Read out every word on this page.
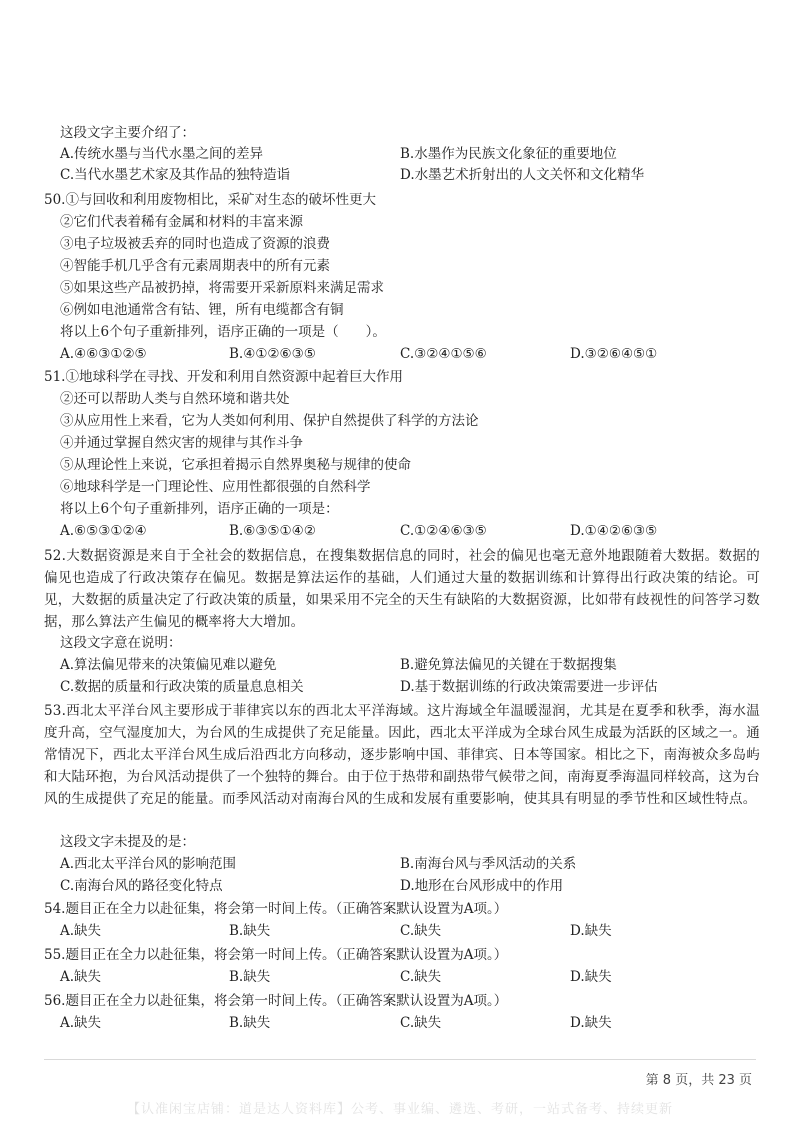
这段文字主要介绍了：
A.传统水墨与当代水墨之间的差异	B.水墨作为民族文化象征的重要地位
C.当代水墨艺术家及其作品的独特造诣	D.水墨艺术折射出的人文关怀和文化精华
50.①与回收和利用废物相比，采矿对生态的破坏性更大
②它们代表着稀有金属和材料的丰富来源
③电子垃圾被丢弃的同时也造成了资源的浪费
④智能手机几乎含有元素周期表中的所有元素
⑤如果这些产品被扔掉，将需要开采新原料来满足需求
⑥例如电池通常含有钴、锂，所有电缆都含有铜
将以上6个句子重新排列，语序正确的一项是（　　）。
A.④⑥③①②⑤	B.④①②⑥③⑤	C.③②④①⑤⑥	D.③②⑥④⑤①
51.①地球科学在寻找、开发和利用自然资源中起着巨大作用
②还可以帮助人类与自然环境和谐共处
③从应用性上来看，它为人类如何利用、保护自然提供了科学的方法论
④并通过掌握自然灾害的规律与其作斗争
⑤从理论性上来说，它承担着揭示自然界奥秘与规律的使命
⑥地球科学是一门理论性、应用性都很强的自然科学
将以上6个句子重新排列，语序正确的一项是：
A.⑥⑤③①②④	B.⑥③⑤①④②	C.①②④⑥③⑤	D.①④②⑥③⑤
52.大数据资源是来自于全社会的数据信息，在搜集数据信息的同时，社会的偏见也毫无意外地跟随着大数据。数据的偏见也造成了行政决策存在偏见。数据是算法运作的基础，人们通过大量的数据训练和计算得出行政决策的结论。可见，大数据的质量决定了行政决策的质量，如果采用不完全的天生有缺陷的大数据资源，比如带有歧视性的问答学习数据，那么算法产生偏见的概率将大大增加。
这段文字意在说明：
A.算法偏见带来的决策偏见难以避免	B.避免算法偏见的关键在于数据搜集
C.数据的质量和行政决策的质量息息相关	D.基于数据训练的行政决策需要进一步评估
53.西北太平洋台风主要形成于菲律宾以东的西北太平洋海域。这片海域全年温暖湿润，尤其是在夏季和秋季，海水温度升高，空气湿度加大，为台风的生成提供了充足能量。因此，西北太平洋成为全球台风生成最为活跃的区域之一。通常情况下，西北太平洋台风生成后沿西北方向移动，逐步影响中国、菲律宾、日本等国家。相比之下，南海被众多岛屿和大陆环抱，为台风活动提供了一个独特的舞台。由于位于热带和副热带气候带之间，南海夏季海温同样较高，这为台风的生成提供了充足的能量。而季风活动对南海台风的生成和发展有重要影响，使其具有明显的季节性和区域性特点。
这段文字未提及的是：
A.西北太平洋台风的影响范围	B.南海台风与季风活动的关系
C.南海台风的路径变化特点	D.地形在台风形成中的作用
54.题目正在全力以赴征集，将会第一时间上传。（正确答案默认设置为A项。）
A.缺失	B.缺失	C.缺失	D.缺失
55.题目正在全力以赴征集，将会第一时间上传。（正确答案默认设置为A项。）
A.缺失	B.缺失	C.缺失	D.缺失
56.题目正在全力以赴征集，将会第一时间上传。（正确答案默认设置为A项。）
A.缺失	B.缺失	C.缺失	D.缺失
第 8 页，共 23 页
【认准闲宝店铺：道是达人资料库】公考、事业编、遴选、考研，一站式备考、持续更新
